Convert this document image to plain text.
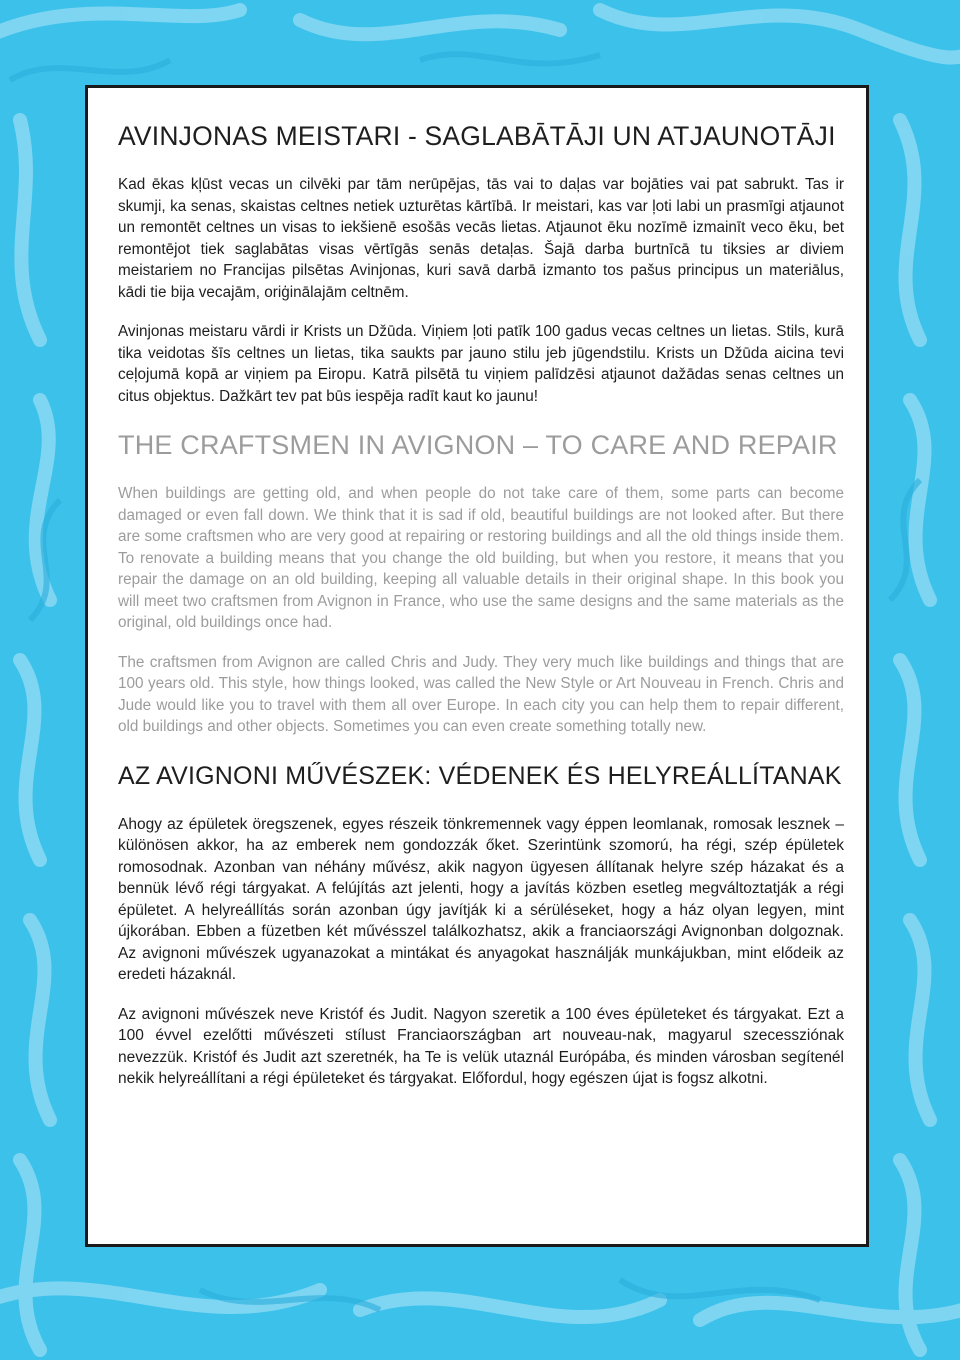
AVINJONAS MEISTARI - SAGLABĀTĀJI UN ATJAUNOTĀJI

Kad ēkas kļūst vecas un cilvēki par tām nerūpējas, tās vai to daļas var bojāties vai pat sabrukt. Tas ir skumji, ka senas, skaistas celtnes netiek uzturētas kārtībā. Ir meistari, kas var ļoti labi un prasmīgi atjaunot un remontēt celtnes un visas to iekšienē esošās vecās lietas. Atjaunot ēku nozīmē izmainīt veco ēku, bet remontējot tiek saglabātas visas vērtīgās senās detaļas. Šajā darba burtnīcā tu tiksies ar diviem meistariem no Francijas pilsētas Avinjonas, kuri savā darbā izmanto tos pašus principus un materiālus, kādi tie bija vecajām, oriģinālajām celtnēm.

Avinjonas meistaru vārdi ir Krists un Džūda. Viņiem ļoti patīk 100 gadus vecas celtnes un lietas. Stils, kurā tika veidotas šīs celtnes un lietas, tika saukts par jauno stilu jeb jūgendstilu. Krists un Džūda aicina tevi ceļojumā kopā ar viņiem pa Eiropu. Katrā pilsētā tu viņiem palīdzēsi atjaunot dažādas senas celtnes un citus objektus. Dažkārt tev pat būs iespēja radīt kaut ko jaunu!

THE CRAFTSMEN IN AVIGNON – TO CARE AND REPAIR

When buildings are getting old, and when people do not take care of them, some parts can become damaged or even fall down. We think that it is sad if old, beautiful buildings are not looked after. But there are some craftsmen who are very good at repairing or restoring buildings and all the old things inside them. To renovate a building means that you change the old building, but when you restore, it means that you repair the damage on an old building, keeping all valuable details in their original shape. In this book you will meet two craftsmen from Avignon in France, who use the same designs and the same materials as the original, old buildings once had.

The craftsmen from Avignon are called Chris and Judy. They very much like buildings and things that are 100 years old. This style, how things looked, was called the New Style or Art Nouveau in French. Chris and Jude would like you to travel with them all over Europe. In each city you can help them to repair different, old buildings and other objects. Sometimes you can even create something totally new.

AZ AVIGNONI MŰVÉSZEK: VÉDENEK ÉS HELYREÁLLÍTANAK

Ahogy az épületek öregszenek, egyes részeik tönkremennek vagy éppen leomlanak, romosak lesznek – különösen akkor, ha az emberek nem gondozzák őket. Szerintünk szomorú, ha régi, szép épületek romosodnak. Azonban van néhány művész, akik nagyon ügyesen állítanak helyre szép házakat és a bennük lévő régi tárgyakat. A felújítás azt jelenti, hogy a javítás közben esetleg megváltoztatják a régi épületet. A helyreállítás során azonban úgy javítják ki a sérüléseket, hogy a ház olyan legyen, mint újkorában. Ebben a füzetben két művésszel találkozhatsz, akik a franciaországi Avignonban dolgoznak. Az avignoni művészek ugyanazokat a mintákat és anyagokat használják munkájukban, mint elődeik az eredeti házaknál.

Az avignoni művészek neve Kristóf és Judit. Nagyon szeretik a 100 éves épületeket és tárgyakat. Ezt a 100 évvel ezelőtti művészeti stílust Franciaországban art nouveau-nak, magyarul szecessziónak nevezzük. Kristóf és Judit azt szeretnék, ha Te is velük utaznál Európába, és minden városban segítenél nekik helyreállítani a régi épületeket és tárgyakat. Előfordul, hogy egészen újat is fogsz alkotni.
